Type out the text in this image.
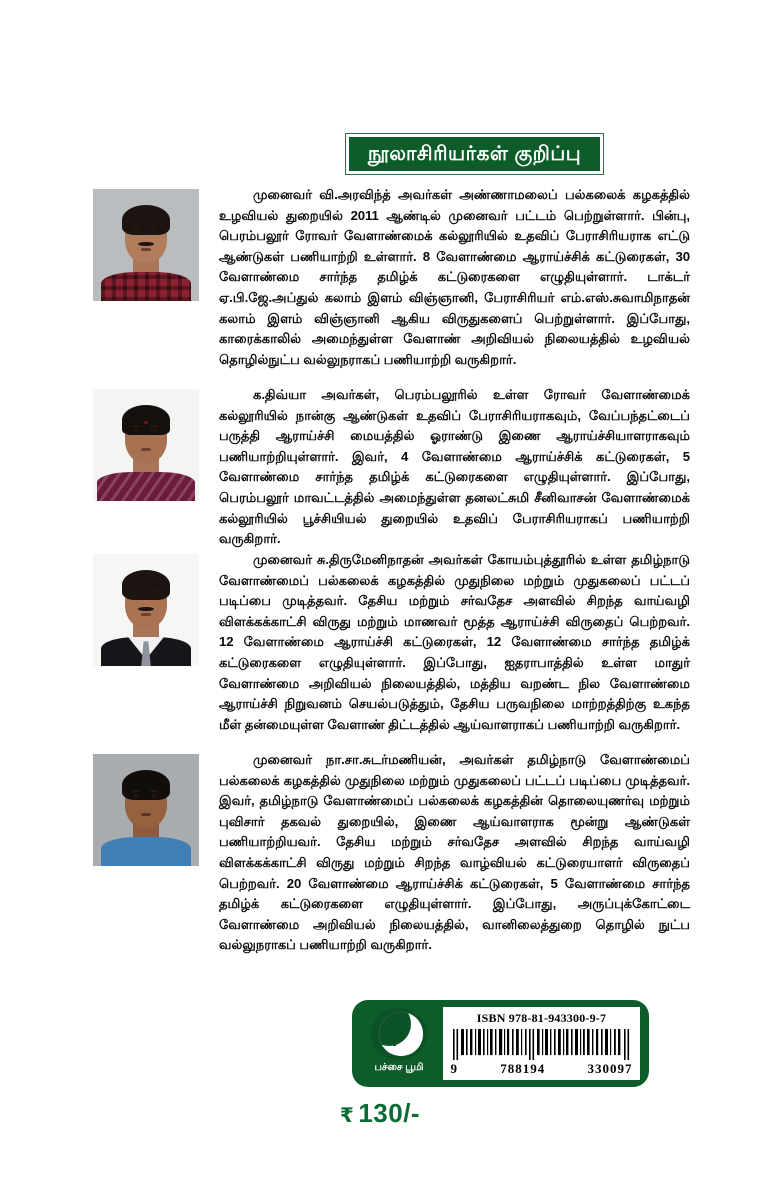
நூலாசிரியர்கள் குறிப்பு

முனைவர் வி.அரவிந்த் அவர்கள் அண்ணாமலைப் பல்கலைக் கழகத்தில் உழவியல் துறையில் 2011 ஆண்டில் முனைவர் பட்டம் பெற்றுள்ளார். பின்பு, பெரம்பலூர் ரோவர் வேளாண்மைக் கல்லூரியில் உதவிப் பேராசிரியராக எட்டு ஆண்டுகள் பணியாற்றி உள்ளார். 8 வேளாண்மை ஆராய்ச்சிக் கட்டுரைகள், 30 வேளாண்மை சார்ந்த தமிழ்க் கட்டுரைகளை எழுதியுள்ளார். டாக்டர் ஏ.பி.ஜே.அப்துல் கலாம் இளம் விஞ்ஞானி, பேராசிரியர் எம்.எஸ்.சுவாமிநாதன் கலாம் இளம் விஞ்ஞானி ஆகிய விருதுகளைப் பெற்றுள்ளார். இப்போது, காரைக்காலில் அமைந்துள்ள வேளாண் அறிவியல் நிலையத்தில் உழவியல் தொழில்நுட்ப வல்லுநராகப் பணியாற்றி வருகிறார்.

க.திவ்யா அவர்கள், பெரம்பலூரில் உள்ள ரோவர் வேளாண்மைக் கல்லூரியில் நான்கு ஆண்டுகள் உதவிப் பேராசிரியராகவும், வேப்பந்தட்டைப் பருத்தி ஆராய்ச்சி மையத்தில் ஓராண்டு இணை ஆராய்ச்சியாளராகவும் பணியாற்றியுள்ளார். இவர், 4 வேளாண்மை ஆராய்ச்சிக் கட்டுரைகள், 5 வேளாண்மை சார்ந்த தமிழ்க் கட்டுரைகளை எழுதியுள்ளார். இப்போது, பெரம்பலூர் மாவட்டத்தில் அமைந்துள்ள தனலட்சுமி சீனிவாசன் வேளாண்மைக் கல்லூரியில் பூச்சியியல் துறையில் உதவிப் பேராசிரியராகப் பணியாற்றி வருகிறார்.

முனைவர் சு.திருமேனிநாதன் அவர்கள் கோயம்புத்தூரில் உள்ள தமிழ்நாடு வேளாண்மைப் பல்கலைக் கழகத்தில் முதுநிலை மற்றும் முதுகலைப் பட்டப் படிப்பை முடித்தவர். தேசிய மற்றும் சர்வதேச அளவில் சிறந்த வாய்வழி விளக்கக்காட்சி விருது மற்றும் மாணவர் மூத்த ஆராய்ச்சி விருதைப் பெற்றவர். 12 வேளாண்மை ஆராய்ச்சி கட்டுரைகள், 12 வேளாண்மை சார்ந்த தமிழ்க் கட்டுரைகளை எழுதியுள்ளார். இப்போது, ஐதராபாத்தில் உள்ள மாதுர் வேளாண்மை அறிவியல் நிலையத்தில், மத்திய வறண்ட நில வேளாண்மை ஆராய்ச்சி நிறுவனம் செயல்படுத்தும், தேசிய பருவநிலை மாற்றத்திற்கு உகந்த மீள் தன்மையுள்ள வேளாண் திட்டத்தில் ஆய்வாளராகப் பணியாற்றி வருகிறார்.

முனைவர் நா.சா.சுடர்மணியன், அவர்கள் தமிழ்நாடு வேளாண்மைப் பல்கலைக் கழகத்தில் முதுநிலை மற்றும் முதுகலைப் பட்டப் படிப்பை முடித்தவர். இவர், தமிழ்நாடு வேளாண்மைப் பல்கலைக் கழகத்தின் தொலையுணர்வு மற்றும் புவிசார் தகவல் துறையில், இணை ஆய்வாளராக மூன்று ஆண்டுகள் பணியாற்றியவர். தேசிய மற்றும் சர்வதேச அளவில் சிறந்த வாய்வழி விளக்கக்காட்சி விருது மற்றும் சிறந்த வாழ்வியல் கட்டுரையாளர் விருதைப் பெற்றவர். 20 வேளாண்மை ஆராய்ச்சிக் கட்டுரைகள், 5 வேளாண்மை சார்ந்த தமிழ்க் கட்டுரைகளை எழுதியுள்ளார். இப்போது, அருப்புக்கோட்டை வேளாண்மை அறிவியல் நிலையத்தில், வானிலைத்துறை தொழில் நுட்ப வல்லுநராகப் பணியாற்றி வருகிறார்.

பச்சை பூமி
ISBN 978-81-943300-9-7
9	788194	330097
₹ 130/-
